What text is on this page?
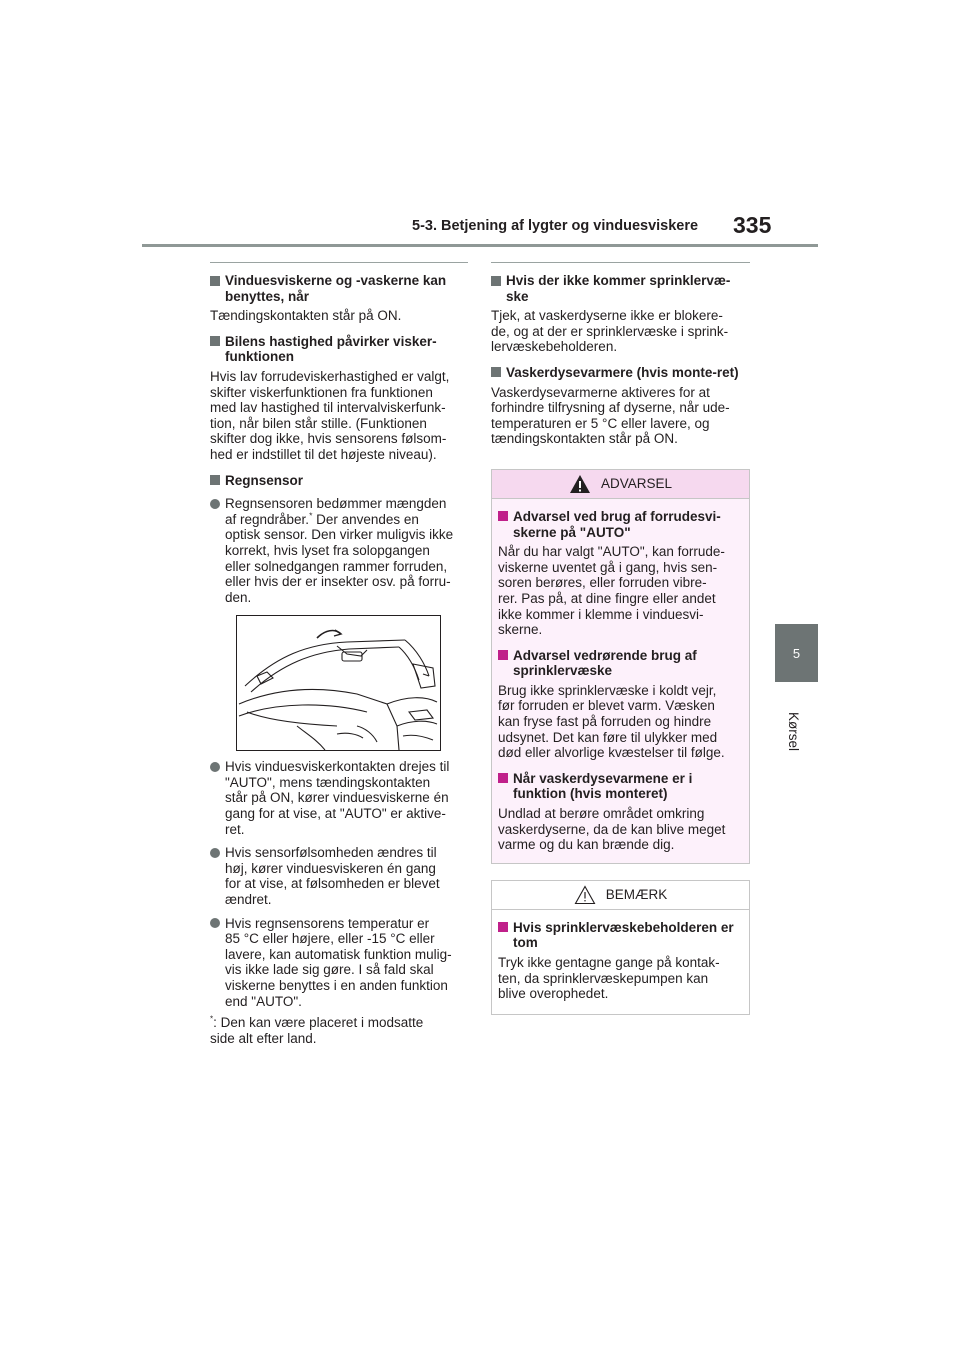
5-3. Betjening af lygter og vinduesviskere 335
5
Kørsel
Vinduesviskerne og -vaskerne kan benyttes, når
Tændingskontakten står på ON.
Bilens hastighed påvirker visker-funktionen
Hvis lav forrudeviskerhastighed er valgt,
skifter viskerfunktionen fra funktionen
med lav hastighed til intervalviskerfunk-
tion, når bilen står stille. (Funktionen
skifter dog ikke, hvis sensorens følsom-
hed er indstillet til det højeste niveau).
Regnsensor
Regnsensoren bedømmer mængden
af regndråber.* Der anvendes en
optisk sensor. Den virker muligvis ikke
korrekt, hvis lyset fra solopgangen
eller solnedgangen rammer forruden,
eller hvis der er insekter osv. på forru-
den.
Hvis vinduesviskerkontakten drejes til
"AUTO", mens tændingskontakten
står på ON, kører vinduesviskerne én
gang for at vise, at "AUTO" er aktive-
ret.
Hvis sensorfølsomheden ændres til
høj, kører vinduesviskeren én gang
for at vise, at følsomheden er blevet
ændret.
Hvis regnsensorens temperatur er
85 °C eller højere, eller -15 °C eller
lavere, kan automatisk funktion mulig-
vis ikke lade sig gøre. I så fald skal
viskerne benyttes i en anden funktion
end "AUTO".
*: Den kan være placeret i modsatte
side alt efter land.
Hvis der ikke kommer sprinklervæ-ske
Tjek, at vaskerdyserne ikke er blokere-
de, og at der er sprinklervæske i sprink-
lervæskebeholderen.
Vaskerdysevarmere (hvis monte-ret)
Vaskerdysevarmerne aktiveres for at
forhindre tilfrysning af dyserne, når ude-
temperaturen er 5 °C eller lavere, og
tændingskontakten står på ON.
ADVARSEL
Advarsel ved brug af forrudesvi-skerne på "AUTO"
Når du har valgt "AUTO", kan forrude-
viskerne uventet gå i gang, hvis sen-
soren berøres, eller forruden vibre-
rer. Pas på, at dine fingre eller andet
ikke kommer i klemme i vinduesvi-
skerne.
Advarsel vedrørende brug af sprinklervæske
Brug ikke sprinklervæske i koldt vejr,
før forruden er blevet varm. Væsken
kan fryse fast på forruden og hindre
udsynet. Det kan føre til ulykker med
død eller alvorlige kvæstelser til følge.
Når vaskerdysevarmene er i funktion (hvis monteret)
Undlad at berøre området omkring
vaskerdyserne, da de kan blive meget
varme og du kan brænde dig.
BEMÆRK
Hvis sprinklervæskebeholderen er tom
Tryk ikke gentagne gange på kontak-
ten, da sprinklervæskepumpen kan
blive overophedet.
